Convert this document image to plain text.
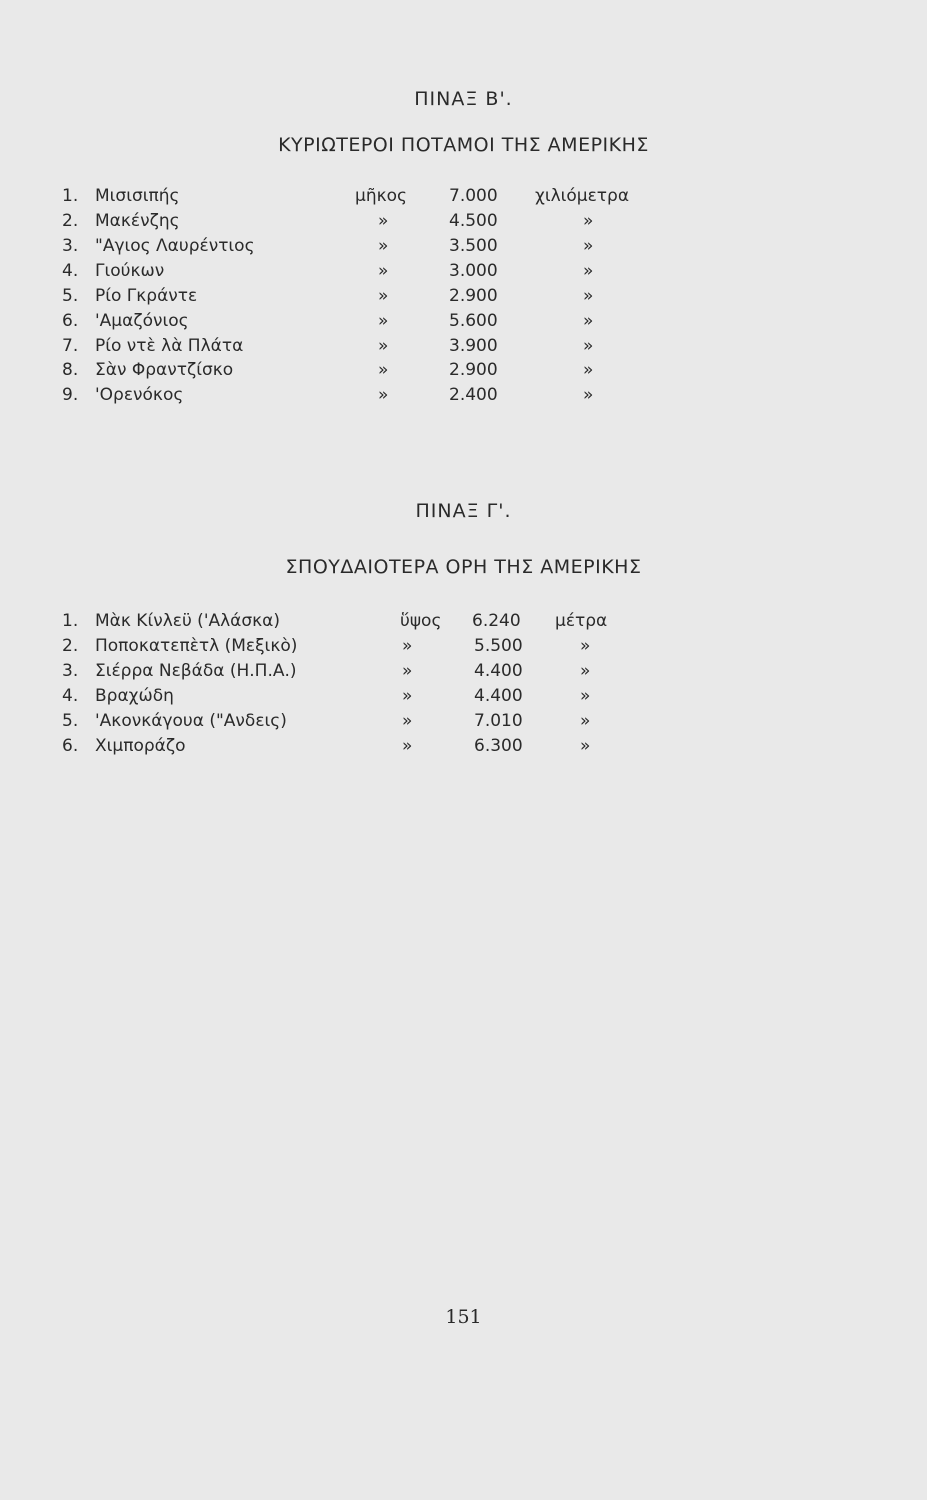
ΠΙΝΑΞ Β'.
ΚΥΡΙΩΤΕΡΟΙ ΠΟΤΑΜΟΙ ΤΗΣ ΑΜΕΡΙΚΗΣ
1. Μισισιπής	μῆκος 7.000 χιλιόμετρα
2. Μακένζης	»	4.500	»
3. "Αγιος Λαυρέντιος	»	3.500	»
4. Γιούκων	»	3.000	»
5. Ρίο Γκράντε	»	2.900	»
6. 'Αμαζόνιος	»	5.600	»
7. Ρίο ντὲ λὰ Πλάτα	»	3.900	»
8. Σὰν Φραντζίσκο	»	2.900	»
9. 'Ορενόκος	»	2.400	»
ΠΙΝΑΞ Γ'.
ΣΠΟΥΔΑΙΟΤΕΡΑ ΟΡΗ ΤΗΣ ΑΜΕΡΙΚΗΣ
1. Μὰκ Κίνλεϋ ('Αλάσκα)	ὕψος 6.240 μέτρα
2. Ποποκατεπὲτλ (Μεξικὸ)	»	5.500	»
3. Σιέρρα Νεβάδα (Η.Π.Α.)	»	4.400	»
4. Βραχώδη	»	4.400	»
5. 'Ακονκάγουα ("Ανδεις)	»	7.010	»
6. Χιμποράζο	»	6.300	»
151
